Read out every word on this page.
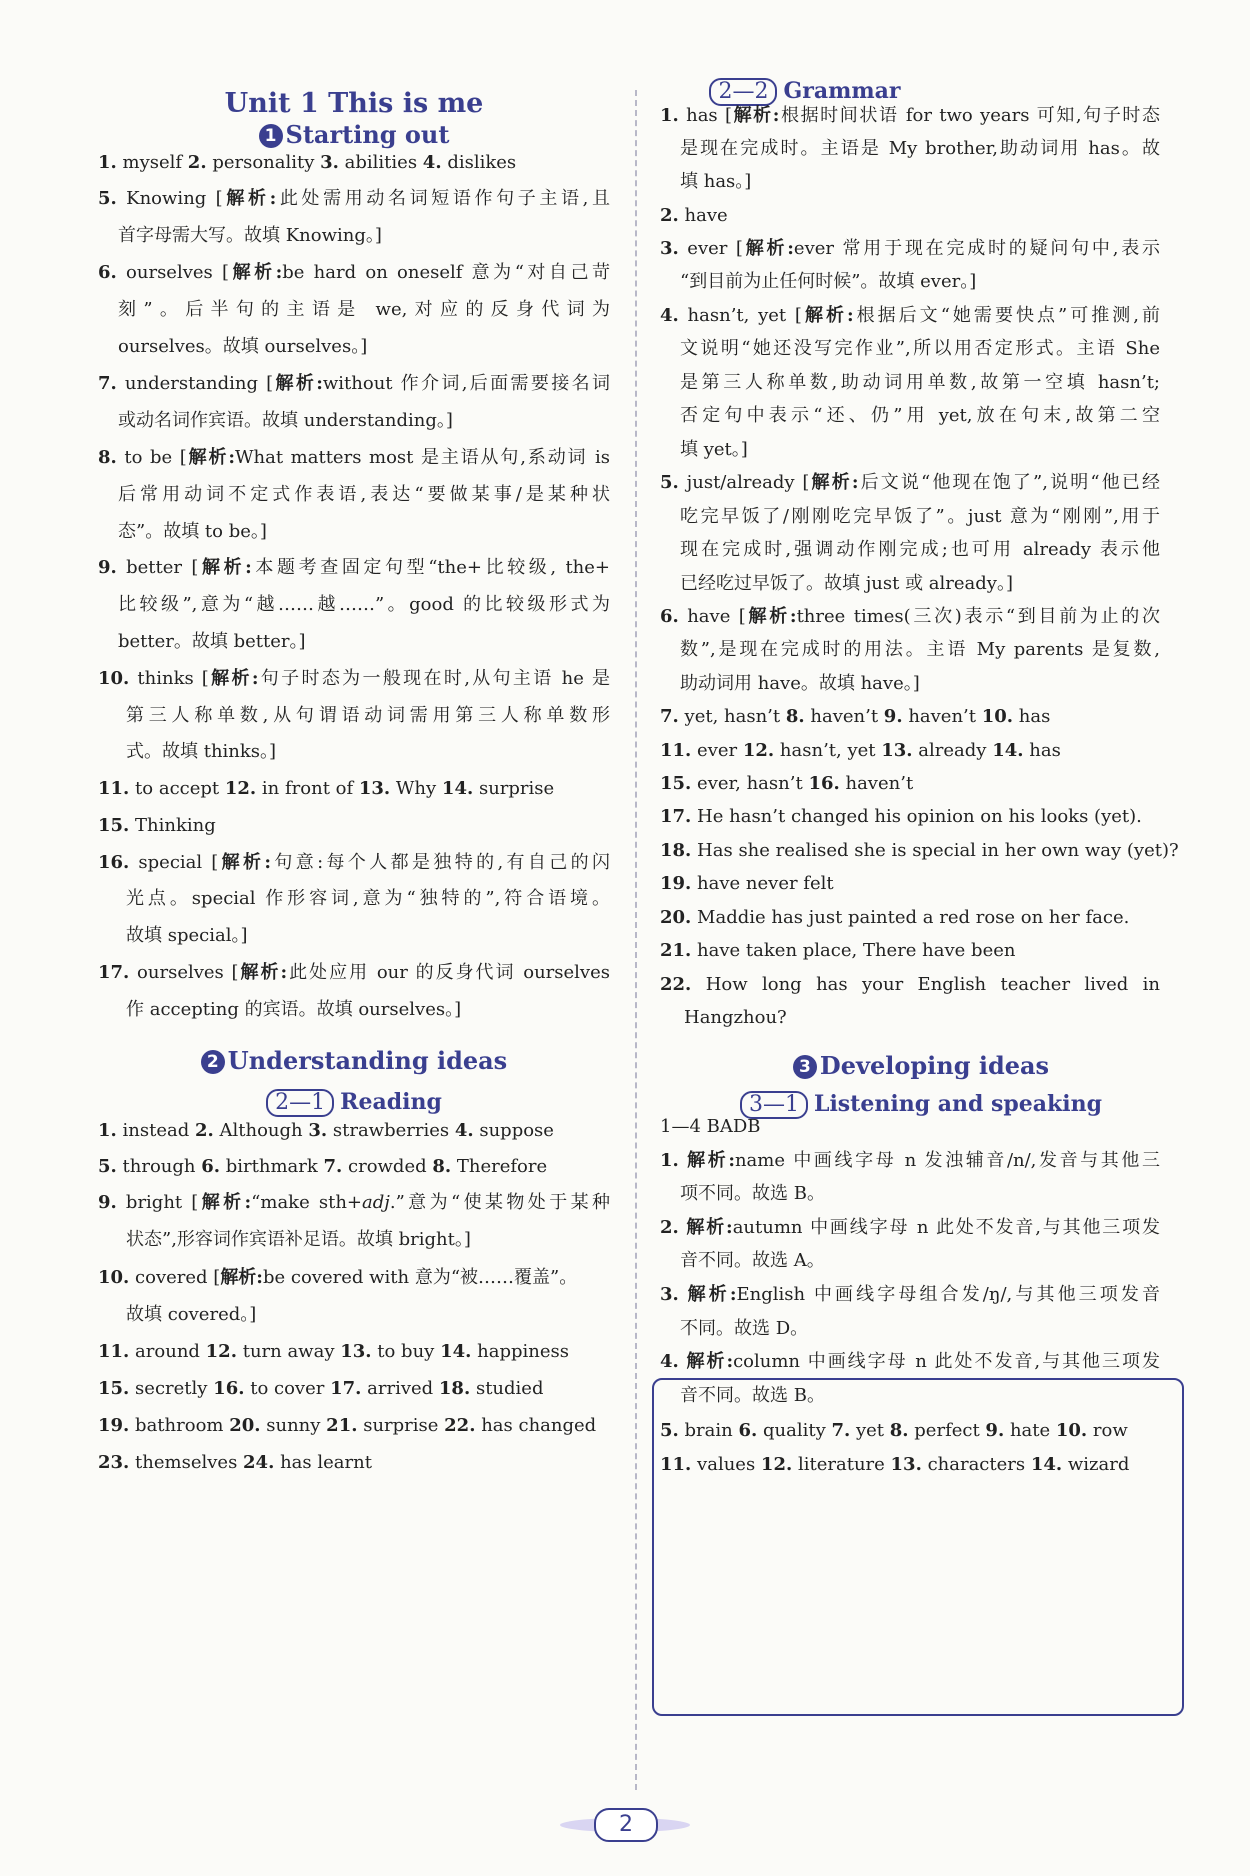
Unit 1 This is me
1 Starting out
2 Understanding ideas
2—1 Reading
1. myself 2. personality 3. abilities 4. dislikes
5. Knowing [解析:此处需用动名词短语作句子主语,且
首字母需大写。故填 Knowing。]
6. ourselves [解析:be hard on oneself 意为“对自己苛
刻”。后半句的主语是 we,对应的反身代词为
ourselves。故填 ourselves。]
7. understanding [解析:without 作介词,后面需要接名词
或动名词作宾语。故填 understanding。]
8. to be [解析:What matters most 是主语从句,系动词 is
后常用动词不定式作表语,表达“要做某事/是某种状
态”。故填 to be。]
9. better [解析:本题考查固定句型“the+比较级, the+
比较级”,意为“越……越……”。good 的比较级形式为
better。故填 better。]
10. thinks [解析:句子时态为一般现在时,从句主语 he 是
第三人称单数,从句谓语动词需用第三人称单数形
式。故填 thinks。]
11. to accept 12. in front of 13. Why 14. surprise
15. Thinking
16. special [解析:句意:每个人都是独特的,有自己的闪
光点。special 作形容词,意为“独特的”,符合语境。
故填 special。]
17. ourselves [解析:此处应用 our 的反身代词 ourselves
作 accepting 的宾语。故填 ourselves。]
1. instead 2. Although 3. strawberries 4. suppose
5. through 6. birthmark 7. crowded 8. Therefore
9. bright [解析:“make sth+adj.”意为“使某物处于某种
状态”,形容词作宾语补足语。故填 bright。]
10. covered [解析:be covered with 意为“被……覆盖”。
故填 covered。]
11. around 12. turn away 13. to buy 14. happiness
15. secretly 16. to cover 17. arrived 18. studied
19. bathroom 20. sunny 21. surprise 22. has changed
23. themselves 24. has learnt
2—2 Grammar
3 Developing ideas
3—1 Listening and speaking
1. has [解析:根据时间状语 for two years 可知,句子时态
是现在完成时。主语是 My brother,助动词用 has。故
填 has。]
2. have
3. ever [解析:ever 常用于现在完成时的疑问句中,表示
“到目前为止任何时候”。故填 ever。]
4. hasn’t, yet [解析:根据后文“她需要快点”可推测,前
文说明“她还没写完作业”,所以用否定形式。主语 She
是第三人称单数,助动词用单数,故第一空填 hasn’t;
否定句中表示“还、仍”用 yet,放在句末,故第二空
填 yet。]
5. just/already [解析:后文说“他现在饱了”,说明“他已经
吃完早饭了/刚刚吃完早饭了”。just 意为“刚刚”,用于
现在完成时,强调动作刚完成;也可用 already 表示他
已经吃过早饭了。故填 just 或 already。]
6. have [解析:three times(三次)表示“到目前为止的次
数”,是现在完成时的用法。主语 My parents 是复数,
助动词用 have。故填 have。]
7. yet, hasn’t 8. haven’t 9. haven’t 10. has
11. ever 12. hasn’t, yet 13. already 14. has
15. ever, hasn’t 16. haven’t
17. He hasn’t changed his opinion on his looks (yet).
18. Has she realised she is special in her own way (yet)?
19. have never felt
20. Maddie has just painted a red rose on her face.
21. have taken place, There have been
22. How long has your English teacher lived in
Hangzhou?
1—4 BADB
1. 解析:name 中画线字母 n 发浊辅音/n/,发音与其他三
项不同。故选 B。
2. 解析:autumn 中画线字母 n 此处不发音,与其他三项发
音不同。故选 A。
3. 解析:English 中画线字母组合发/ŋ/,与其他三项发音
不同。故选 D。
4. 解析:column 中画线字母 n 此处不发音,与其他三项发
音不同。故选 B。
5. brain 6. quality 7. yet 8. perfect 9. hate 10. row
11. values 12. literature 13. characters 14. wizard
2
